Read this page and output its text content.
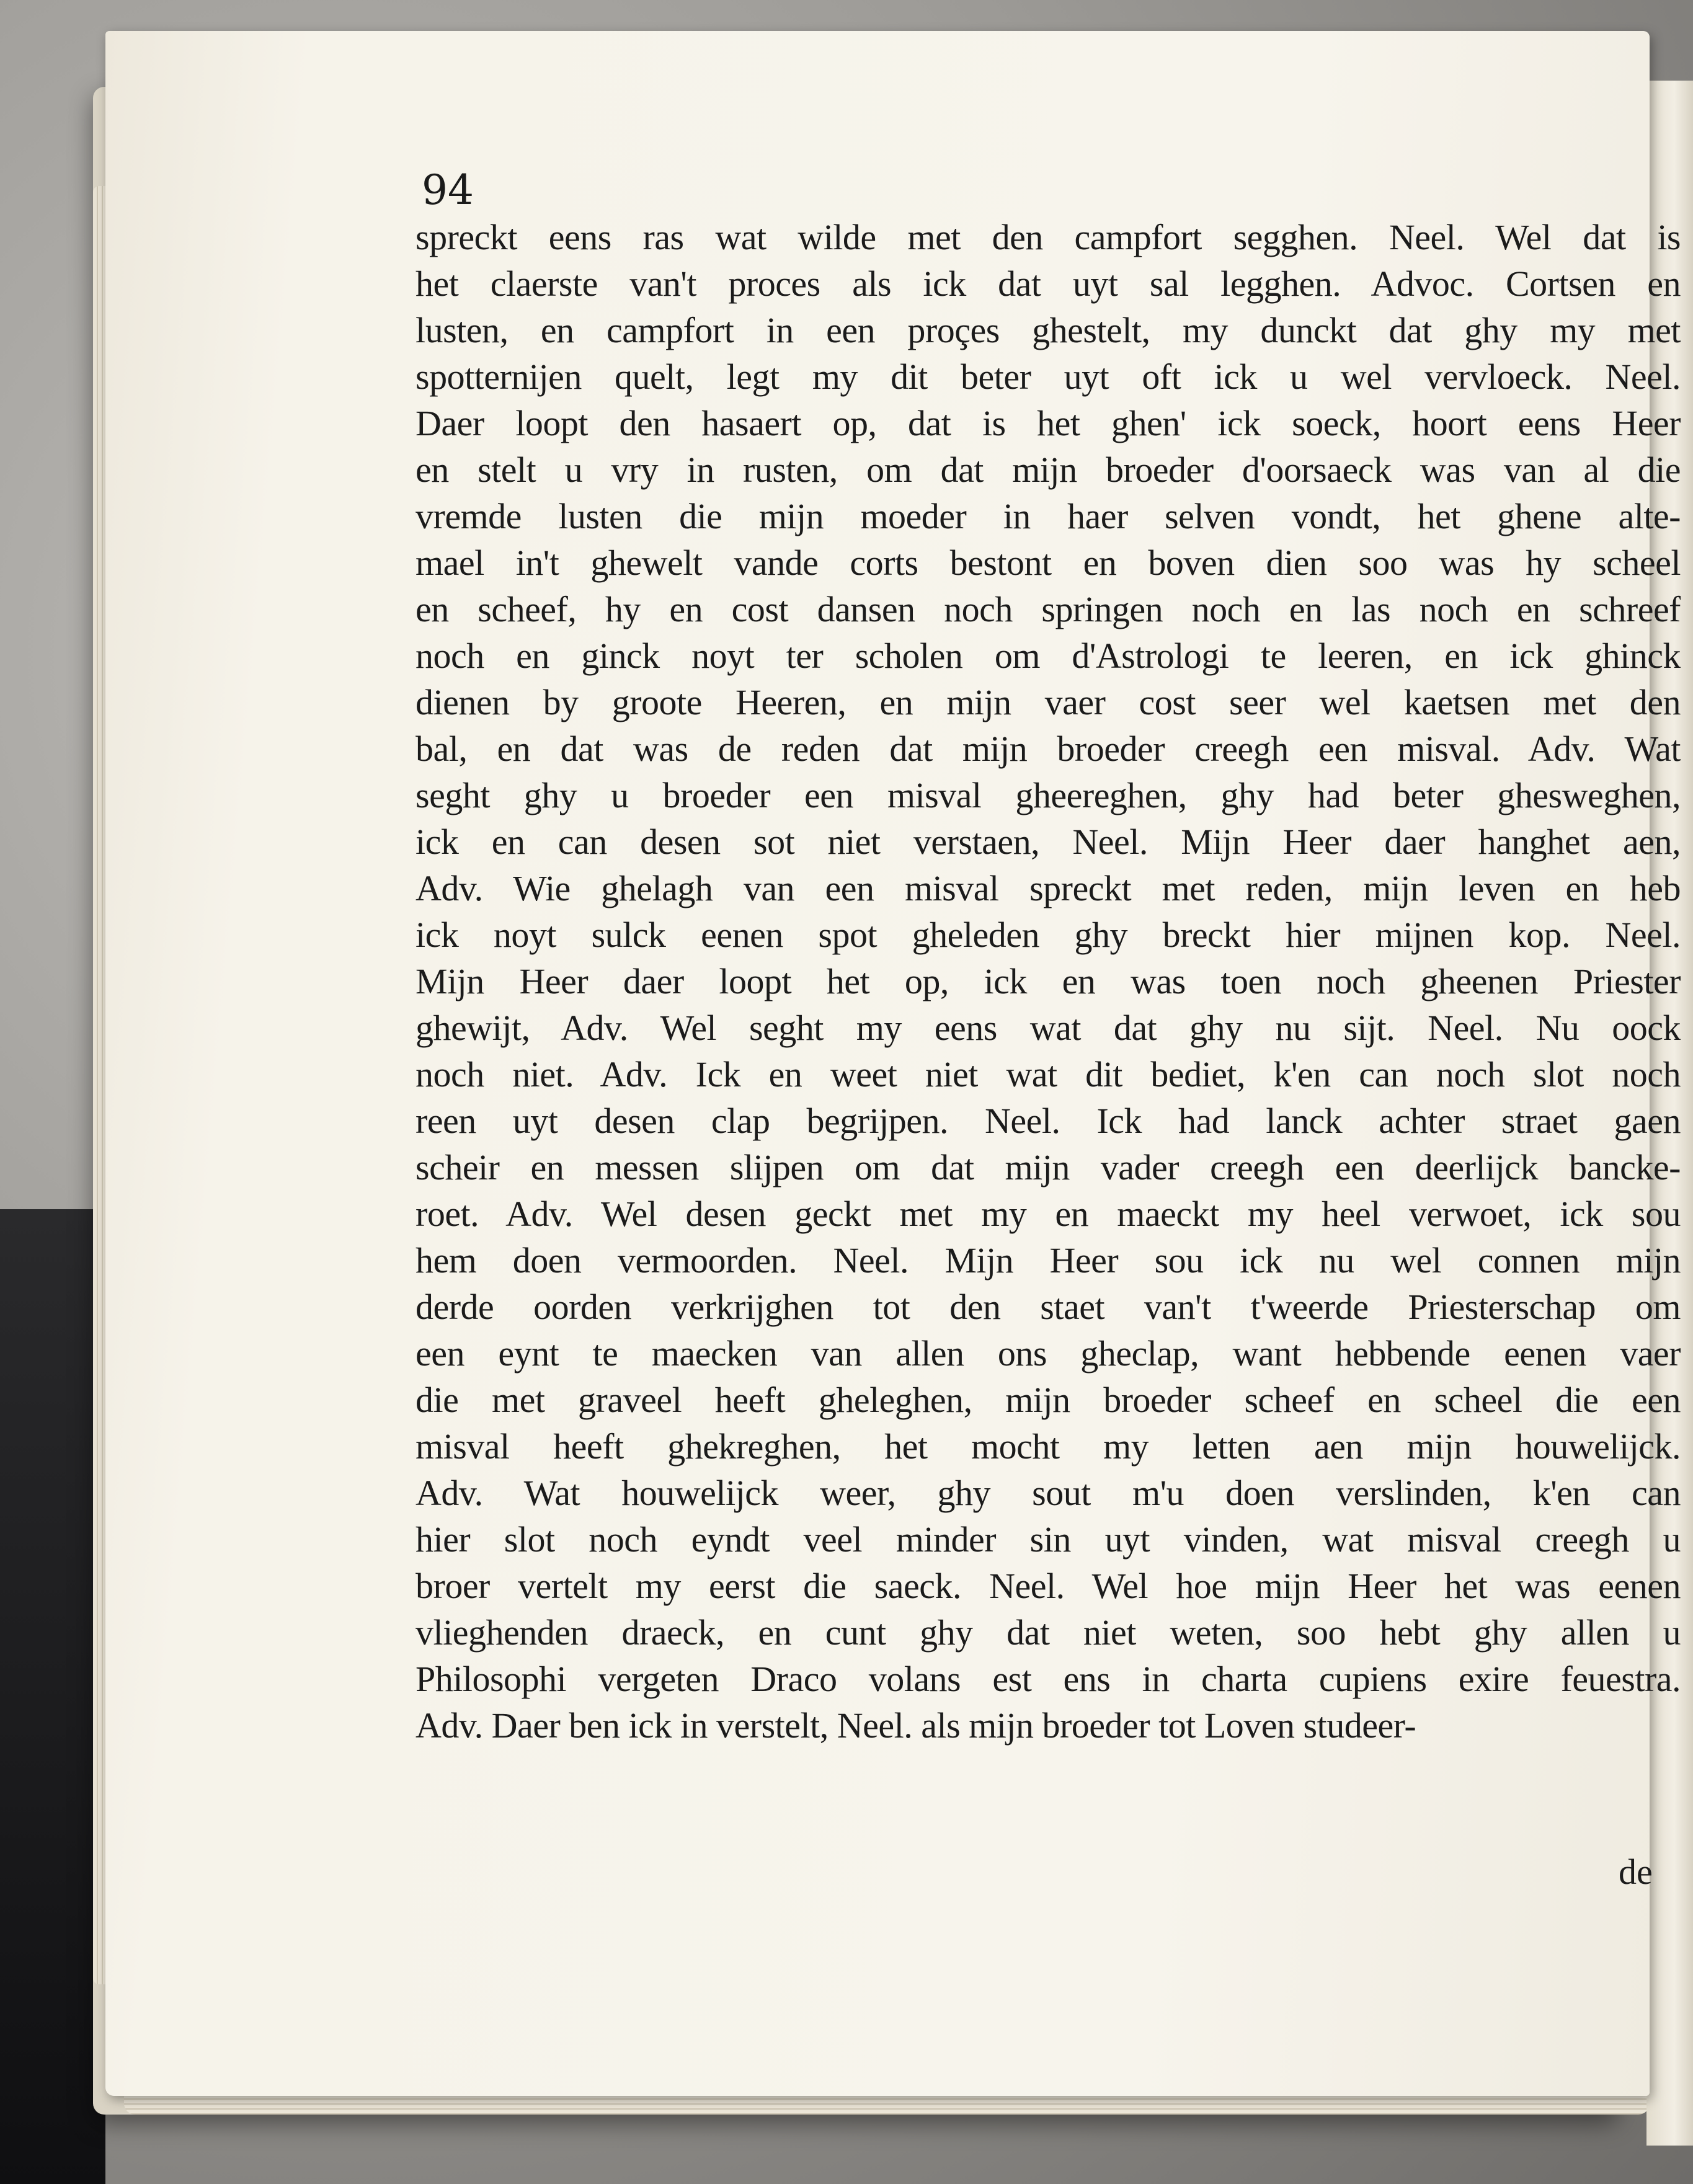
94
spreckt eens ras wat wilde met den campfort segghen. Neel. Wel dat is
het claerste van't proces als ick dat uyt sal legghen. Advoc. Cortsen en
lusten, en campfort in een proçes ghestelt, my dunckt dat ghy my met
spotternijen quelt, legt my dit beter uyt oft ick u wel vervloeck. Neel.
Daer loopt den hasaert op, dat is het ghen' ick soeck, hoort eens Heer
en stelt u vry in rusten, om dat mijn broeder d'oorsaeck was van al die
vremde lusten die mijn moeder in haer selven vondt, het ghene alte-
mael in't ghewelt vande corts bestont en boven dien soo was hy scheel
en scheef, hy en cost dansen noch springen noch en las noch en schreef
noch en ginck noyt ter scholen om d'Astrologi te leeren, en ick ghinck
dienen by groote Heeren, en mijn vaer cost seer wel kaetsen met den
bal, en dat was de reden dat mijn broeder creegh een misval. Adv. Wat
seght ghy u broeder een misval gheereghen, ghy had beter ghesweghen,
ick en can desen sot niet verstaen, Neel. Mijn Heer daer hanghet aen,
Adv. Wie ghelagh van een misval spreckt met reden, mijn leven en heb
ick noyt sulck eenen spot gheleden ghy breckt hier mijnen kop. Neel.
Mijn Heer daer loopt het op, ick en was toen noch gheenen Priester
ghewijt, Adv. Wel seght my eens wat dat ghy nu sijt. Neel. Nu oock
noch niet. Adv. Ick en weet niet wat dit bediet, k'en can noch slot noch
reen uyt desen clap begrijpen. Neel. Ick had lanck achter straet gaen
scheir en messen slijpen om dat mijn vader creegh een deerlijck bancke-
roet. Adv. Wel desen geckt met my en maeckt my heel verwoet, ick sou
hem doen vermoorden. Neel. Mijn Heer sou ick nu wel connen mijn
derde oorden verkrijghen tot den staet van't t'weerde Priesterschap om
een eynt te maecken van allen ons gheclap, want hebbende eenen vaer
die met graveel heeft gheleghen, mijn broeder scheef en scheel die een
misval heeft ghekreghen, het mocht my letten aen mijn houwelijck.
Adv. Wat houwelijck weer, ghy sout m'u doen verslinden, k'en can
hier slot noch eyndt veel minder sin uyt vinden, wat misval creegh u
broer vertelt my eerst die saeck. Neel. Wel hoe mijn Heer het was eenen
vlieghenden draeck, en cunt ghy dat niet weten, soo hebt ghy allen u
Philosophi vergeten Draco volans est ens in charta cupiens exire feuestra.
Adv. Daer ben ick in verstelt, Neel. als mijn broeder tot Loven studeer-
de
